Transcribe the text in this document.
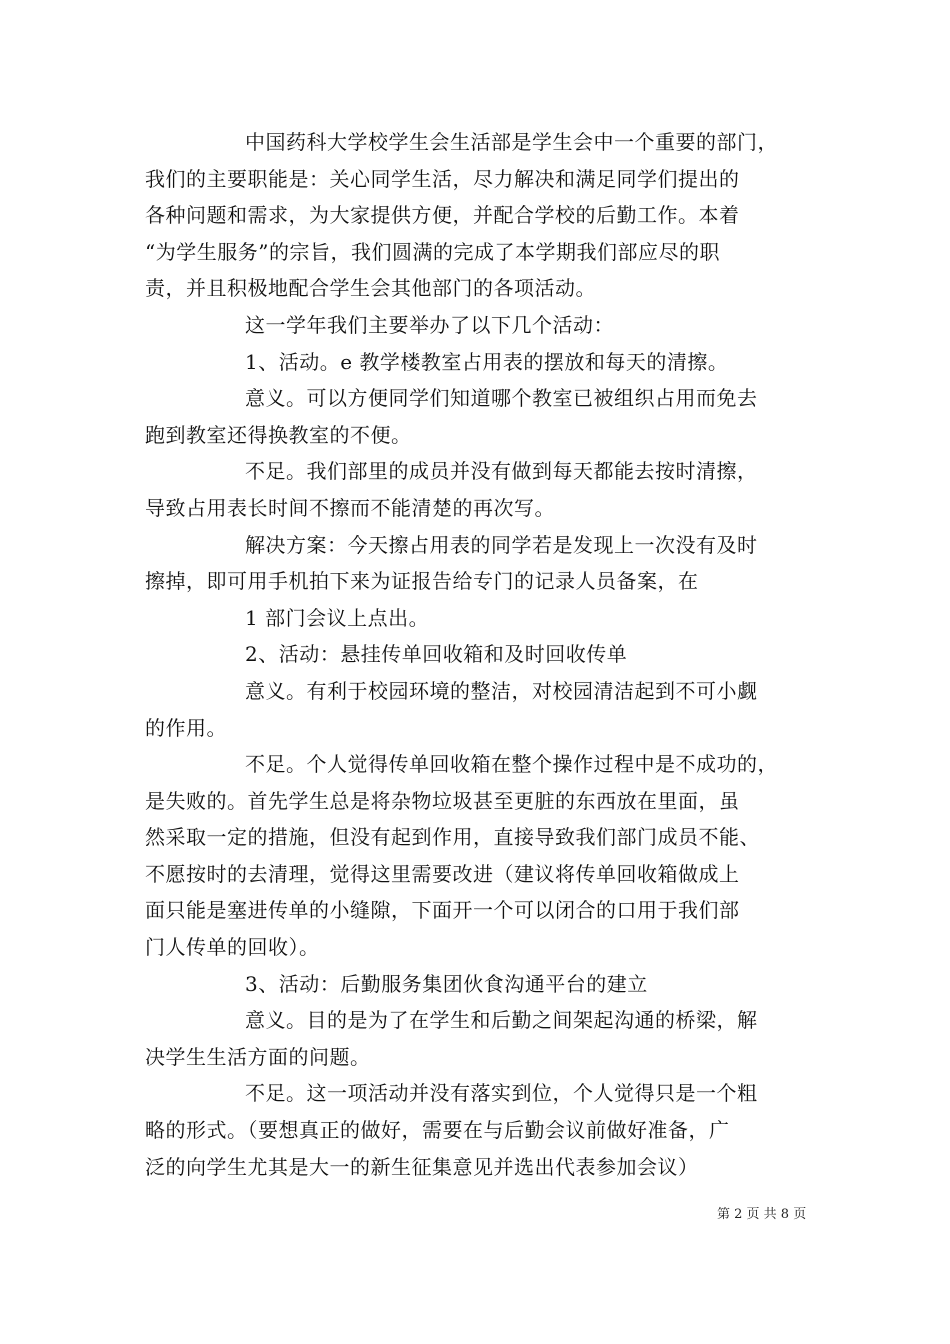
中国药科大学校学生会生活部是学生会中一个重要的部门，
我们的主要职能是：关心同学生活，尽力解决和满足同学们提出的
各种问题和需求，为大家提供方便，并配合学校的后勤工作。本着
“为学生服务”的宗旨，我们圆满的完成了本学期我们部应尽的职
责，并且积极地配合学生会其他部门的各项活动。
这一学年我们主要举办了以下几个活动：
1、活动。e 教学楼教室占用表的摆放和每天的清擦。
意义。可以方便同学们知道哪个教室已被组织占用而免去
跑到教室还得换教室的不便。
不足。我们部里的成员并没有做到每天都能去按时清擦，
导致占用表长时间不擦而不能清楚的再次写。
解决方案：今天擦占用表的同学若是发现上一次没有及时
擦掉，即可用手机拍下来为证报告给专门的记录人员备案，在
1 部门会议上点出。
2、活动：悬挂传单回收箱和及时回收传单
意义。有利于校园环境的整洁，对校园清洁起到不可小觑
的作用。
不足。个人觉得传单回收箱在整个操作过程中是不成功的，
是失败的。首先学生总是将杂物垃圾甚至更脏的东西放在里面，虽
然采取一定的措施，但没有起到作用，直接导致我们部门成员不能、
不愿按时的去清理，觉得这里需要改进（建议将传单回收箱做成上
面只能是塞进传单的小缝隙，下面开一个可以闭合的口用于我们部
门人传单的回收）。
3、活动：后勤服务集团伙食沟通平台的建立
意义。目的是为了在学生和后勤之间架起沟通的桥梁，解
决学生生活方面的问题。
不足。这一项活动并没有落实到位，个人觉得只是一个粗
略的形式。（要想真正的做好，需要在与后勤会议前做好准备，广
泛的向学生尤其是大一的新生征集意见并选出代表参加会议）
第 2 页 共 8 页
